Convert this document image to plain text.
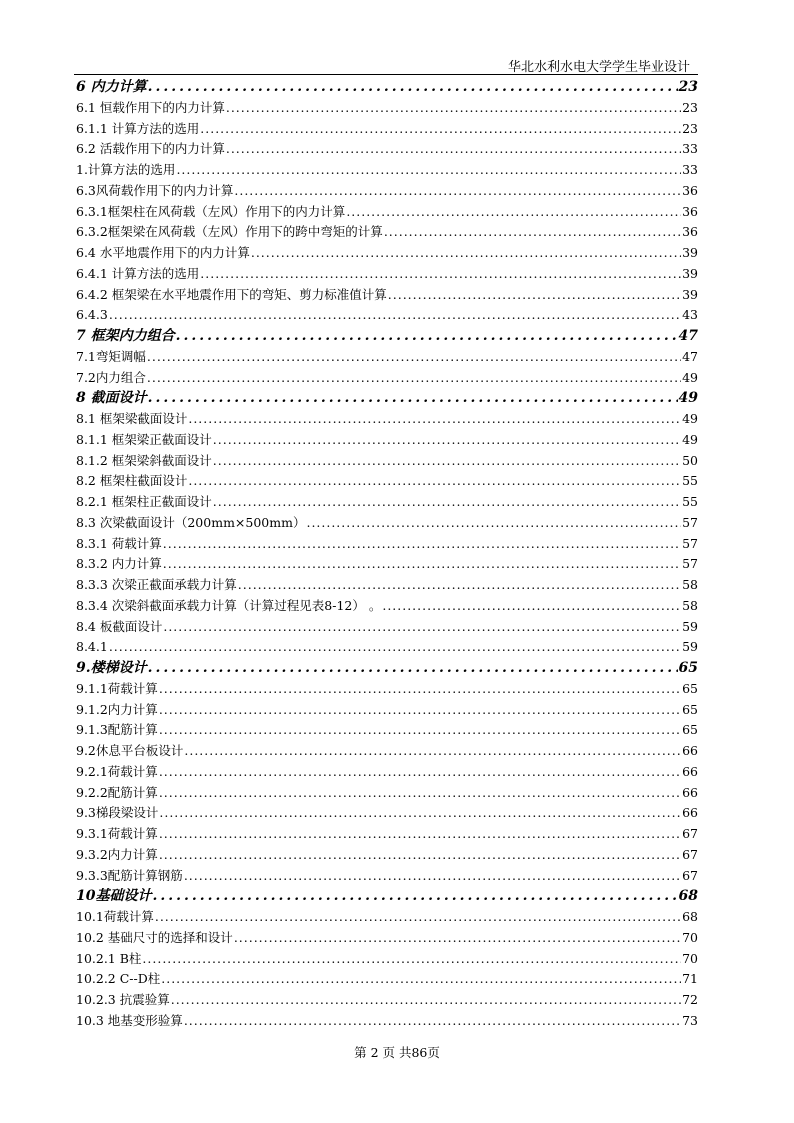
华北水利水电大学学生毕业设计
6 内力计算 .....	23
6.1 恒载作用下的内力计算 .....	23
6.1.1 计算方法的选用 .....	23
6.2 活载作用下的内力计算 .....	33
1.计算方法的选用 .....	33
6.3风荷载作用下的内力计算 .....	36
6.3.1框架柱在风荷载（左风）作用下的内力计算 .....	36
6.3.2框架梁在风荷载（左风）作用下的跨中弯矩的计算 .....	36
6.4 水平地震作用下的内力计算 .....	39
6.4.1 计算方法的选用 .....	39
6.4.2 框架梁在水平地震作用下的弯矩、剪力标准值计算 .....	39
6.4.3 .....	43
7 框架内力组合 .....	47
7.1弯矩调幅 .....	47
7.2内力组合 .....	49
8 截面设计 .....	49
8.1 框架梁截面设计 .....	49
8.1.1 框架梁正截面设计 .....	49
8.1.2 框架梁斜截面设计 .....	50
8.2 框架柱截面设计 .....	55
8.2.1 框架柱正截面设计 .....	55
8.3 次梁截面设计（200mm×500mm） .....	57
8.3.1 荷载计算 .....	57
8.3.2 内力计算 .....	57
8.3.3 次梁正截面承载力计算 .....	58
8.3.4 次梁斜截面承载力计算（计算过程见表8-12） 。 .....	58
8.4 板截面设计 .....	59
8.4.1 .....	59
9.楼梯设计 .....	65
9.1.1荷载计算 .....	65
9.1.2内力计算 .....	65
9.1.3配筋计算 .....	65
9.2休息平台板设计 .....	66
9.2.1荷载计算 .....	66
9.2.2配筋计算 .....	66
9.3梯段梁设计 .....	66
9.3.1荷载计算 .....	67
9.3.2内力计算 .....	67
9.3.3配筋计算钢筋 .....	67
10基础设计 .....	68
10.1荷载计算 .....	68
10.2 基础尺寸的选择和设计 .....	70
10.2.1 B柱 .....	70
10.2.2 C--D柱 .....	71
10.2.3 抗震验算 .....	72
10.3 地基变形验算 .....	73
第 2 页 共86页
